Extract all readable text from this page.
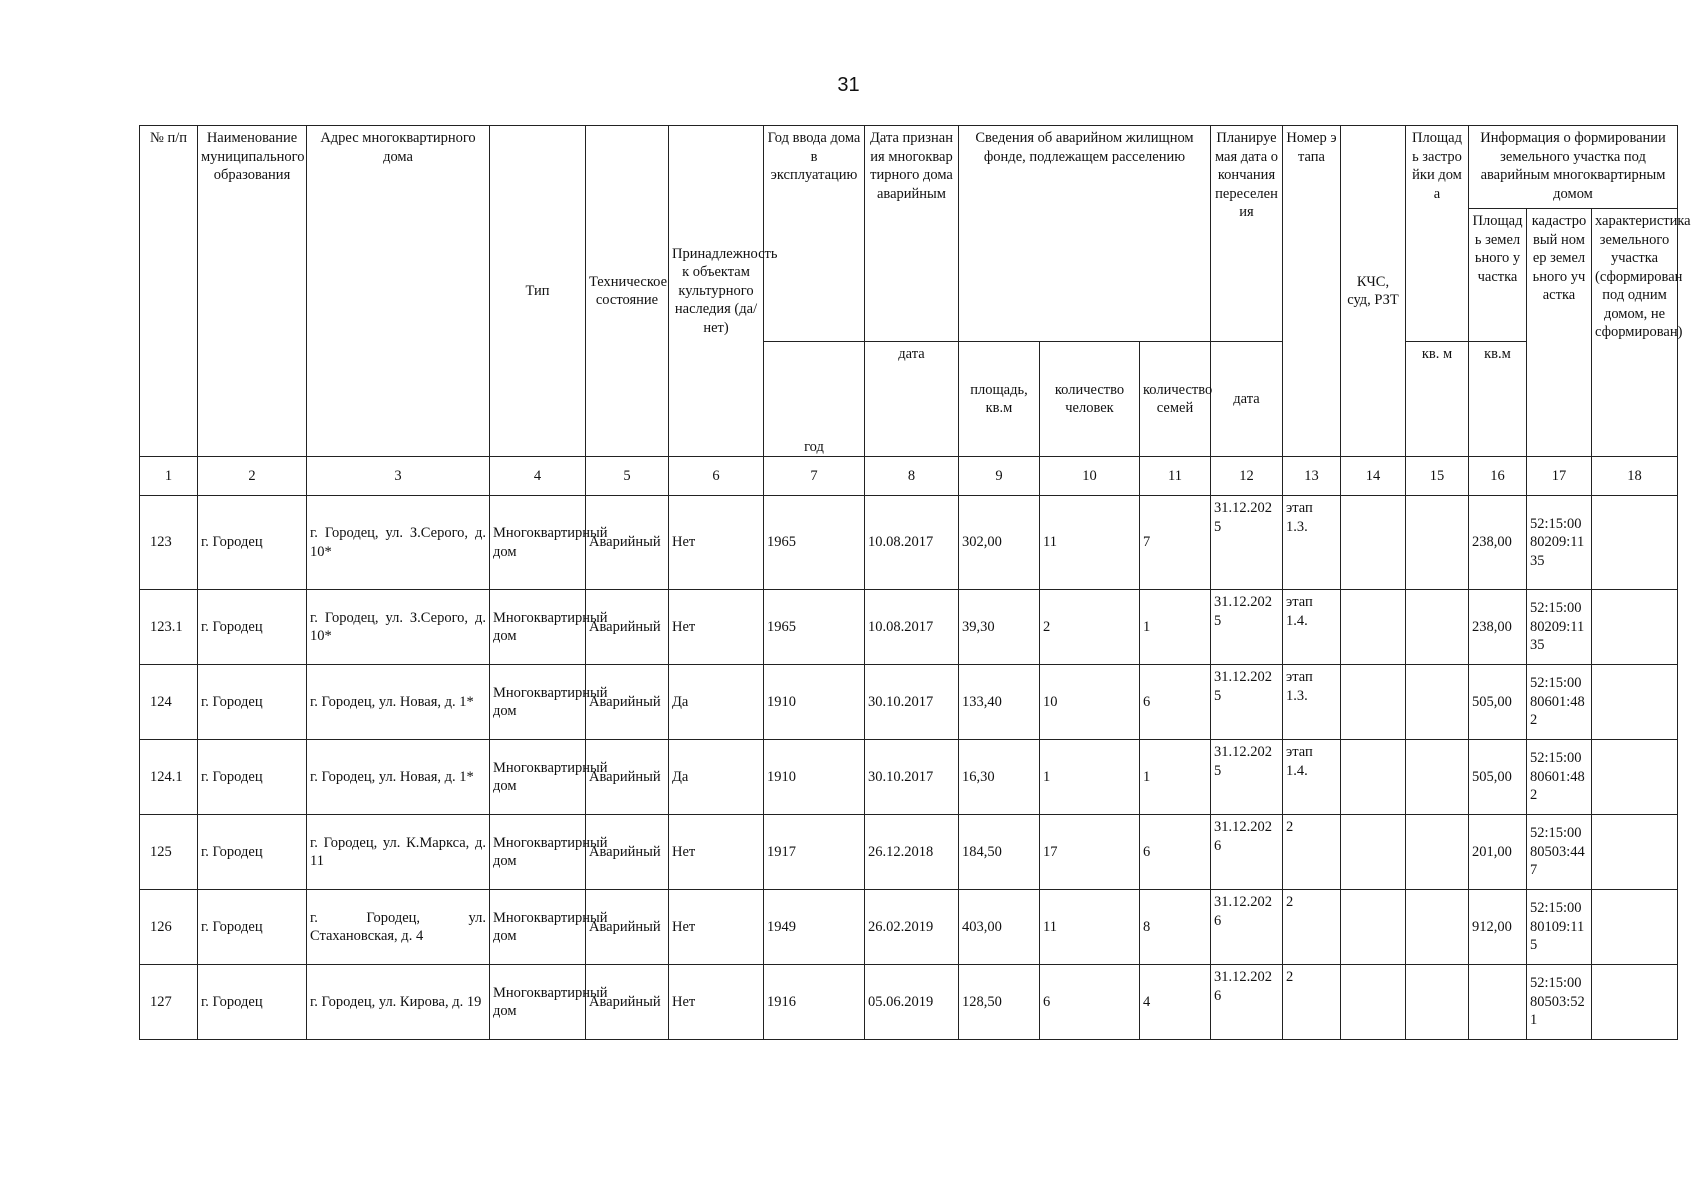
31
№ п/п	Наименование муниципального образования	Адрес многоквартирного дома	Тип	Техническое состояние	Принадлежность к объектам культурного наследия (да/нет)	Год ввода дома в эксплуатацию	Дата признания многоквартирного дома аварийным	Сведения об аварийном жилищном фонде, подлежащем расселению			Планируемая дата окончания переселения	Номер этапа	КЧС, суд, РЗТ	Площадь застройки дома	Информация о формировании земельного участка под аварийным многоквартирным домом		
															Площадь земельного участка	кадастровый номер земельного участка	характеристика земельного участка (сформирован под одним домом, не сформирован)
						год	дата	площадь, кв.м	количество человек	количество семей	дата			кв. м	кв.м		
1	2	3	4	5	6	7	8	9	10	11	12	13	14	15	16	17	18
123	г. Городец	г. Городец, ул. З.Серого, д. 10*	Многоквартирный дом	Аварийный	Нет	1965	10.08.2017	302,00	11	7	31.12.2025	этап 1.3.			238,00	52:15:0080209:1135	
123.1	г. Городец	г. Городец, ул. З.Серого, д. 10*	Многоквартирный дом	Аварийный	Нет	1965	10.08.2017	39,30	2	1	31.12.2025	этап 1.4.			238,00	52:15:0080209:1135	
124	г. Городец	г. Городец, ул. Новая, д. 1*	Многоквартирный дом	Аварийный	Да	1910	30.10.2017	133,40	10	6	31.12.2025	этап 1.3.			505,00	52:15:0080601:482	
124.1	г. Городец	г. Городец, ул. Новая, д. 1*	Многоквартирный дом	Аварийный	Да	1910	30.10.2017	16,30	1	1	31.12.2025	этап 1.4.			505,00	52:15:0080601:482	
125	г. Городец	г. Городец, ул. К.Маркса, д. 11	Многоквартирный дом	Аварийный	Нет	1917	26.12.2018	184,50	17	6	31.12.2026	2			201,00	52:15:0080503:447	
126	г. Городец	г. Городец, ул. Стахановская, д. 4	Многоквартирный дом	Аварийный	Нет	1949	26.02.2019	403,00	11	8	31.12.2026	2			912,00	52:15:0080109:115	
127	г. Городец	г. Городец, ул. Кирова, д. 19	Многоквартирный дом	Аварийный	Нет	1916	05.06.2019	128,50	6	4	31.12.2026	2				52:15:0080503:521	
